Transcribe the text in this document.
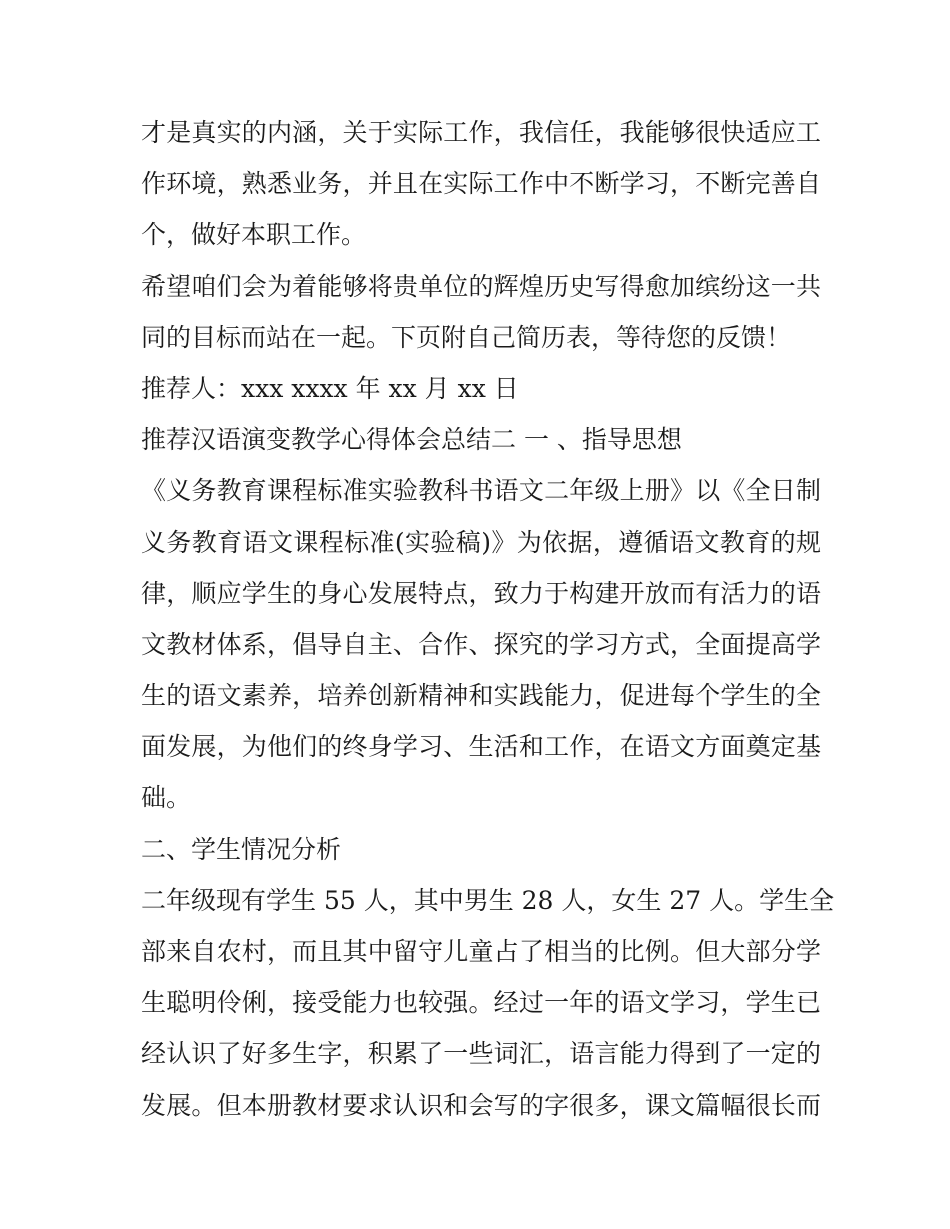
才是真实的内涵，关于实际工作，我信任，我能够很快适应工
作环境，熟悉业务，并且在实际工作中不断学习，不断完善自
个，做好本职工作。
希望咱们会为着能够将贵单位的辉煌历史写得愈加缤纷这一共
同的目标而站在一起。下页附自己简历表，等待您的反馈！
推荐人：xxx xxxx 年 xx 月 xx 日
推荐汉语演变教学心得体会总结二 一 、指导思想
《义务教育课程标准实验教科书语文二年级上册》以《全日制
义务教育语文课程标准(实验稿)》为依据，遵循语文教育的规
律，顺应学生的身心发展特点，致力于构建开放而有活力的语
文教材体系，倡导自主、合作、探究的学习方式，全面提高学
生的语文素养，培养创新精神和实践能力，促进每个学生的全
面发展，为他们的终身学习、生活和工作，在语文方面奠定基
础。
二、学生情况分析
二年级现有学生 55 人，其中男生 28 人，女生 27 人。学生全
部来自农村，而且其中留守儿童占了相当的比例。但大部分学
生聪明伶俐，接受能力也较强。经过一年的语文学习，学生已
经认识了好多生字，积累了一些词汇，语言能力得到了一定的
发展。但本册教材要求认识和会写的字很多，课文篇幅很长而
